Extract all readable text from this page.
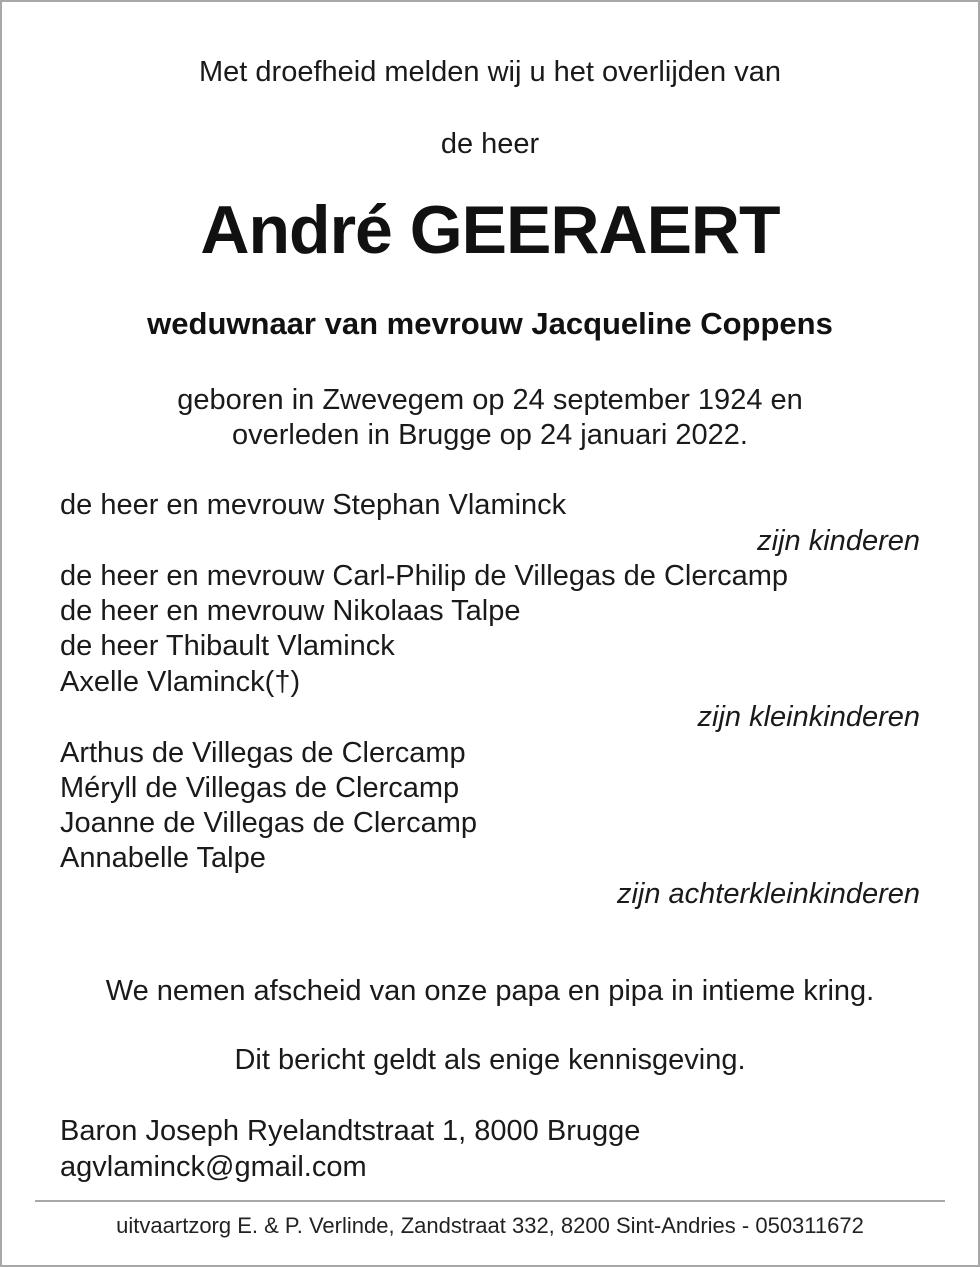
Met droefheid melden wij u het overlijden van
de heer
André GEERAERT
weduwnaar van mevrouw Jacqueline Coppens
geboren in Zwevegem op 24 september 1924 en
overleden in Brugge op 24 januari 2022.
de heer en mevrouw Stephan Vlaminck
zijn kinderen
de heer en mevrouw Carl-Philip de Villegas de Clercamp
de heer en mevrouw Nikolaas Talpe
de heer Thibault Vlaminck
Axelle Vlaminck(†)
zijn kleinkinderen
Arthus de Villegas de Clercamp
Méryll de Villegas de Clercamp
Joanne de Villegas de Clercamp
Annabelle Talpe
zijn achterkleinkinderen
We nemen afscheid van onze papa en pipa in intieme kring.
Dit bericht geldt als enige kennisgeving.
Baron Joseph Ryelandtstraat 1, 8000 Brugge
agvlaminck@gmail.com
uitvaartzorg E. & P. Verlinde, Zandstraat 332, 8200 Sint-Andries - 050311672
